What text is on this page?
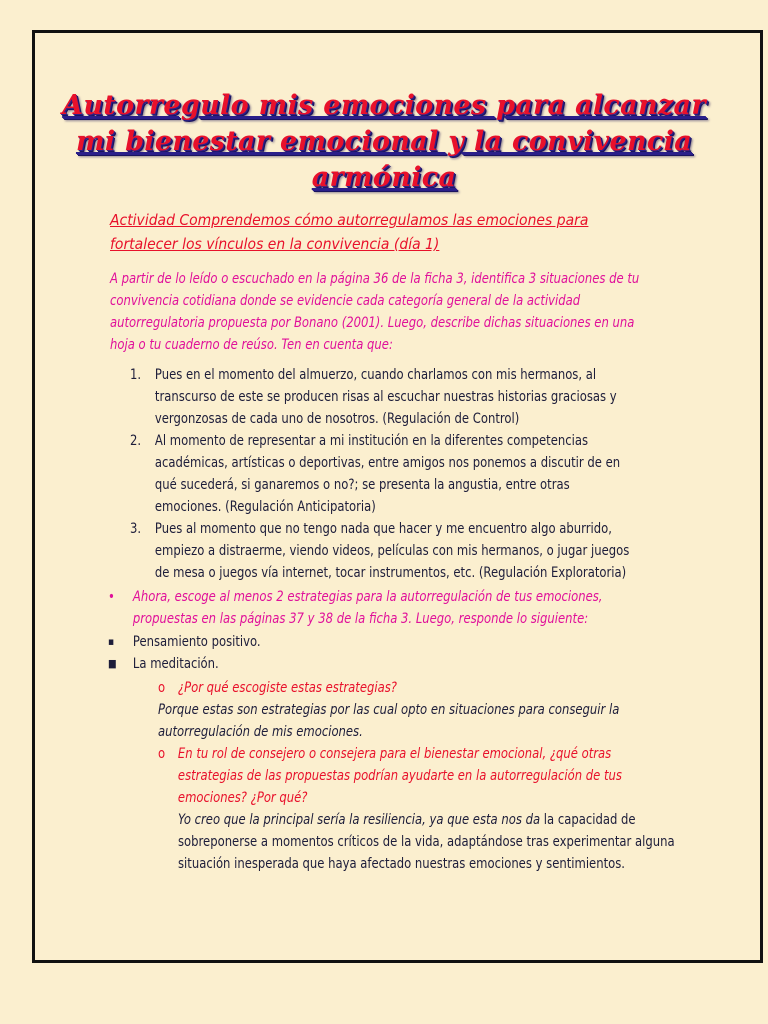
Autorregulo mis emociones para alcanzar mi bienestar emocional y la convivencia armónica
Actividad Comprendemos cómo autorregulamos las emociones para fortalecer los vínculos en la convivencia (día 1)
A partir de lo leído o escuchado en la página 36 de la ficha 3, identifica 3 situaciones de tu convivencia cotidiana donde se evidencie cada categoría general de la actividad autorregulatoria propuesta por Bonano (2001). Luego, describe dichas situaciones en una hoja o tu cuaderno de reúso. Ten en cuenta que:
1. Pues en el momento del almuerzo, cuando charlamos con mis hermanos, al transcurso de este se producen risas al escuchar nuestras historias graciosas y vergonzosas de cada uno de nosotros. (Regulación de Control)
2. Al momento de representar a mi institución en la diferentes competencias académicas, artísticas o deportivas, entre amigos nos ponemos a discutir de en qué sucederá, si ganaremos o no?; se presenta la angustia, entre otras emociones. (Regulación Anticipatoria)
3. Pues al momento que no tengo nada que hacer y me encuentro algo aburrido, empiezo a distraerme, viendo videos, películas con mis hermanos, o jugar juegos de mesa o juegos vía internet, tocar instrumentos, etc. (Regulación Exploratoria)
•	Ahora, escoge al menos 2 estrategias para la autorregulación de tus emociones, propuestas en las páginas 37 y 38 de la ficha 3. Luego, responde lo siguiente:
▪	Pensamiento positivo.
■	La meditación.
o ¿Por qué escogiste estas estrategias?
Porque estas son estrategias por las cual opto en situaciones para conseguir la autorregulación de mis emociones.
o En tu rol de consejero o consejera para el bienestar emocional, ¿qué otras estrategias de las propuestas podrían ayudarte en la autorregulación de tus emociones? ¿Por qué?
Yo creo que la principal sería la resiliencia, ya que esta nos da la capacidad de sobreponerse a momentos críticos de la vida, adaptándose tras experimentar alguna situación inesperada que haya afectado nuestras emociones y sentimientos.
